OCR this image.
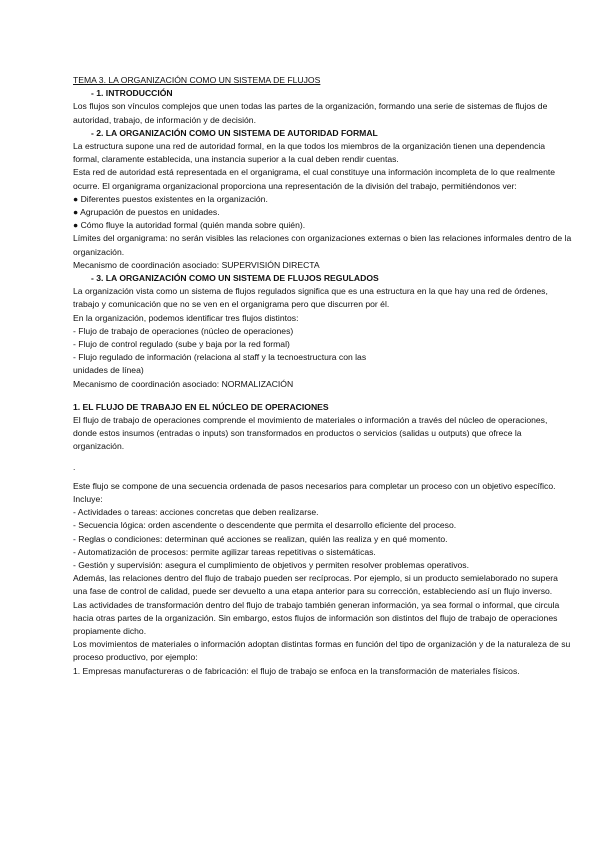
TEMA 3. LA ORGANIZACIÓN COMO UN SISTEMA DE FLUJOS
- 1. INTRODUCCIÓN
Los flujos son vínculos complejos que unen todas las partes de la organización, formando una serie de sistemas de flujos de autoridad, trabajo, de información y de decisión.
- 2. LA ORGANIZACIÓN COMO UN SISTEMA DE AUTORIDAD FORMAL
La estructura supone una red de autoridad formal, en la que todos los miembros de la organización tienen una dependencia formal, claramente establecida, una instancia superior a la cual deben rendir cuentas.
Esta red de autoridad está representada en el organigrama, el cual constituye una información incompleta de lo que realmente ocurre. El organigrama organizacional proporciona una representación de la división del trabajo, permitiéndonos ver:
● Diferentes puestos existentes en la organización.
● Agrupación de puestos en unidades.
● Cómo fluye la autoridad formal (quién manda sobre quién).
Límites del organigrama: no serán visibles las relaciones con organizaciones externas o bien las relaciones informales dentro de la organización.
Mecanismo de coordinación asociado: SUPERVISIÓN DIRECTA
- 3. LA ORGANIZACIÓN COMO UN SISTEMA DE FLUJOS REGULADOS
La organización vista como un sistema de flujos regulados significa que es una estructura en la que hay una red de órdenes, trabajo y comunicación que no se ven en el organigrama pero que discurren por él.
En la organización, podemos identificar tres flujos distintos:
- Flujo de trabajo de operaciones (núcleo de operaciones)
- Flujo de control regulado (sube y baja por la red formal)
- Flujo regulado de información (relaciona al staff y la tecnoestructura con las
unidades de línea)
Mecanismo de coordinación asociado: NORMALIZACIÓN
1. EL FLUJO DE TRABAJO EN EL NÚCLEO DE OPERACIONES
El flujo de trabajo de operaciones comprende el movimiento de materiales o información a través del núcleo de operaciones, donde estos insumos (entradas o inputs) son transformados en productos o servicios (salidas u outputs) que ofrece la organización.
.
Este flujo se compone de una secuencia ordenada de pasos necesarios para completar un proceso con un objetivo específico. Incluye:
- Actividades o tareas: acciones concretas que deben realizarse.
- Secuencia lógica: orden ascendente o descendente que permita el desarrollo eficiente del proceso.
- Reglas o condiciones: determinan qué acciones se realizan, quién las realiza y en qué momento.
- Automatización de procesos: permite agilizar tareas repetitivas o sistemáticas.
- Gestión y supervisión: asegura el cumplimiento de objetivos y permiten resolver problemas operativos.
Además, las relaciones dentro del flujo de trabajo pueden ser recíprocas. Por ejemplo, si un producto semielaborado no supera una fase de control de calidad, puede ser devuelto a una etapa anterior para su corrección, estableciendo así un flujo inverso.
Las actividades de transformación dentro del flujo de trabajo también generan información, ya sea formal o informal, que circula hacia otras partes de la organización. Sin embargo, estos flujos de información son distintos del flujo de trabajo de operaciones propiamente dicho.
Los movimientos de materiales o información adoptan distintas formas en función del tipo de organización y de la naturaleza de su proceso productivo, por ejemplo:
1. Empresas manufactureras o de fabricación: el flujo de trabajo se enfoca en la transformación de materiales físicos.
